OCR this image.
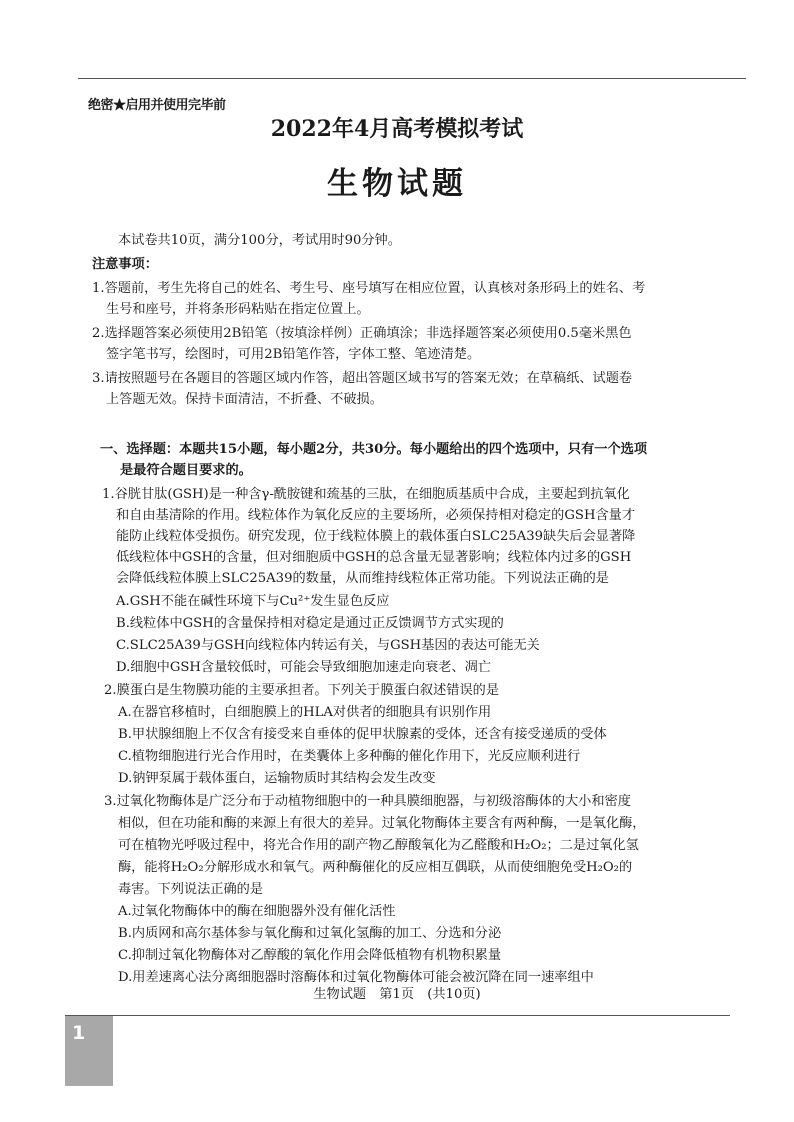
绝密★启用并使用完毕前
2022年4月高考模拟考试
生物试题
本试卷共10页，满分100分，考试用时90分钟。
注意事项：
1.答题前，考生先将自己的姓名、考生号、座号填写在相应位置，认真核对条形码上的姓名、考
生号和座号，并将条形码粘贴在指定位置上。
2.选择题答案必须使用2B铅笔（按填涂样例）正确填涂；非选择题答案必须使用0.5毫米黑色
签字笔书写，绘图时，可用2B铅笔作答，字体工整、笔迹清楚。
3.请按照题号在各题目的答题区域内作答，超出答题区域书写的答案无效；在草稿纸、试题卷
上答题无效。保持卡面清洁，不折叠、不破损。
一、选择题：本题共15小题，每小题2分，共30分。每小题给出的四个选项中，只有一个选项
是最符合题目要求的。
1.谷胱甘肽(GSH)是一种含γ-酰胺键和巯基的三肽，在细胞质基质中合成，主要起到抗氧化
和自由基清除的作用。线粒体作为氧化反应的主要场所，必须保持相对稳定的GSH含量才
能防止线粒体受损伤。研究发现，位于线粒体膜上的载体蛋白SLC25A39缺失后会显著降
低线粒体中GSH的含量，但对细胞质中GSH的总含量无显著影响；线粒体内过多的GSH
会降低线粒体膜上SLC25A39的数量，从而维持线粒体正常功能。下列说法正确的是
A.GSH不能在碱性环境下与Cu²⁺发生显色反应
B.线粒体中GSH的含量保持相对稳定是通过正反馈调节方式实现的
C.SLC25A39与GSH向线粒体内转运有关，与GSH基因的表达可能无关
D.细胞中GSH含量较低时，可能会导致细胞加速走向衰老、凋亡
2.膜蛋白是生物膜功能的主要承担者。下列关于膜蛋白叙述错误的是
A.在器官移植时，白细胞膜上的HLA对供者的细胞具有识别作用
B.甲状腺细胞上不仅含有接受来自垂体的促甲状腺素的受体，还含有接受递质的受体
C.植物细胞进行光合作用时，在类囊体上多种酶的催化作用下，光反应顺利进行
D.钠钾泵属于载体蛋白，运输物质时其结构会发生改变
3.过氧化物酶体是广泛分布于动植物细胞中的一种具膜细胞器，与初级溶酶体的大小和密度
相似，但在功能和酶的来源上有很大的差异。过氧化物酶体主要含有两种酶，一是氧化酶，
可在植物光呼吸过程中，将光合作用的副产物乙醇酸氧化为乙醛酸和H₂O₂；二是过氧化氢
酶，能将H₂O₂分解形成水和氧气。两种酶催化的反应相互偶联，从而使细胞免受H₂O₂的
毒害。下列说法正确的是
A.过氧化物酶体中的酶在细胞器外没有催化活性
B.内质网和高尔基体参与氧化酶和过氧化氢酶的加工、分选和分泌
C.抑制过氧化物酶体对乙醇酸的氧化作用会降低植物有机物积累量
D.用差速离心法分离细胞器时溶酶体和过氧化物酶体可能会被沉降在同一速率组中
生物试题　第1页　(共10页)
1
